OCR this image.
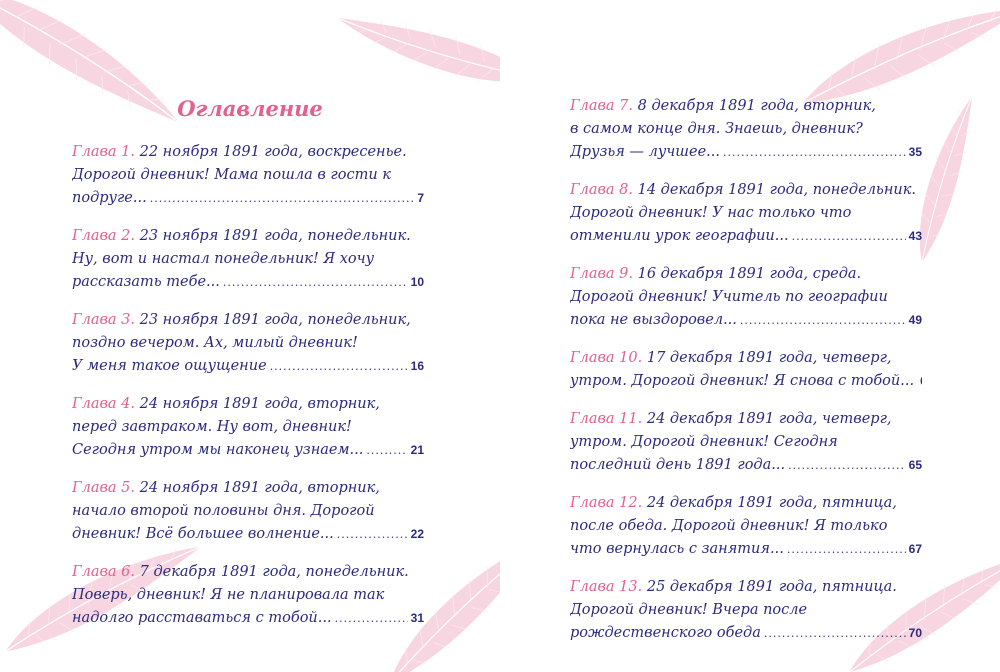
Оглавление
Глава 1. 22 ноября 1891 года, воскресенье.
Дорогой дневник! Мама пошла в гости к
подруге... .....	7
Глава 2. 23 ноября 1891 года, понедельник.
Ну, вот и настал понедельник! Я хочу
рассказать тебе... .....	10
Глава 3. 23 ноября 1891 года, понедельник,
поздно вечером. Ах, милый дневник!
У меня такое ощущение .....	16
Глава 4. 24 ноября 1891 года, вторник,
перед завтраком. Ну вот, дневник!
Сегодня утром мы наконец узнаем... .....	21
Глава 5. 24 ноября 1891 года, вторник,
начало второй половины дня. Дорогой
дневник! Всё большее волнение... .....	22
Глава 6. 7 декабря 1891 года, понедельник.
Поверь, дневник! Я не планировала так
надолго расставаться с тобой... .....	31
Глава 7. 8 декабря 1891 года, вторник,
в самом конце дня. Знаешь, дневник?
Друзья — лучшее... .....	35
Глава 8. 14 декабря 1891 года, понедельник.
Дорогой дневник! У нас только что
отменили урок географии... .....	43
Глава 9. 16 декабря 1891 года, среда.
Дорогой дневник! Учитель по географии
пока не выздоровел... .....	49
Глава 10. 17 декабря 1891 года, четверг,
утром. Дорогой дневник! Я снова с тобой...
Глава 11. 24 декабря 1891 года, четверг,
утром. Дорогой дневник! Сегодня
последний день 1891 года... .....	65
Глава 12. 24 декабря 1891 года, пятница,
после обеда. Дорогой дневник! Я только
что вернулась с занятия... .....	67
Глава 13. 25 декабря 1891 года, пятница.
Дорогой дневник! Вчера после
рождественского обеда .....	70
